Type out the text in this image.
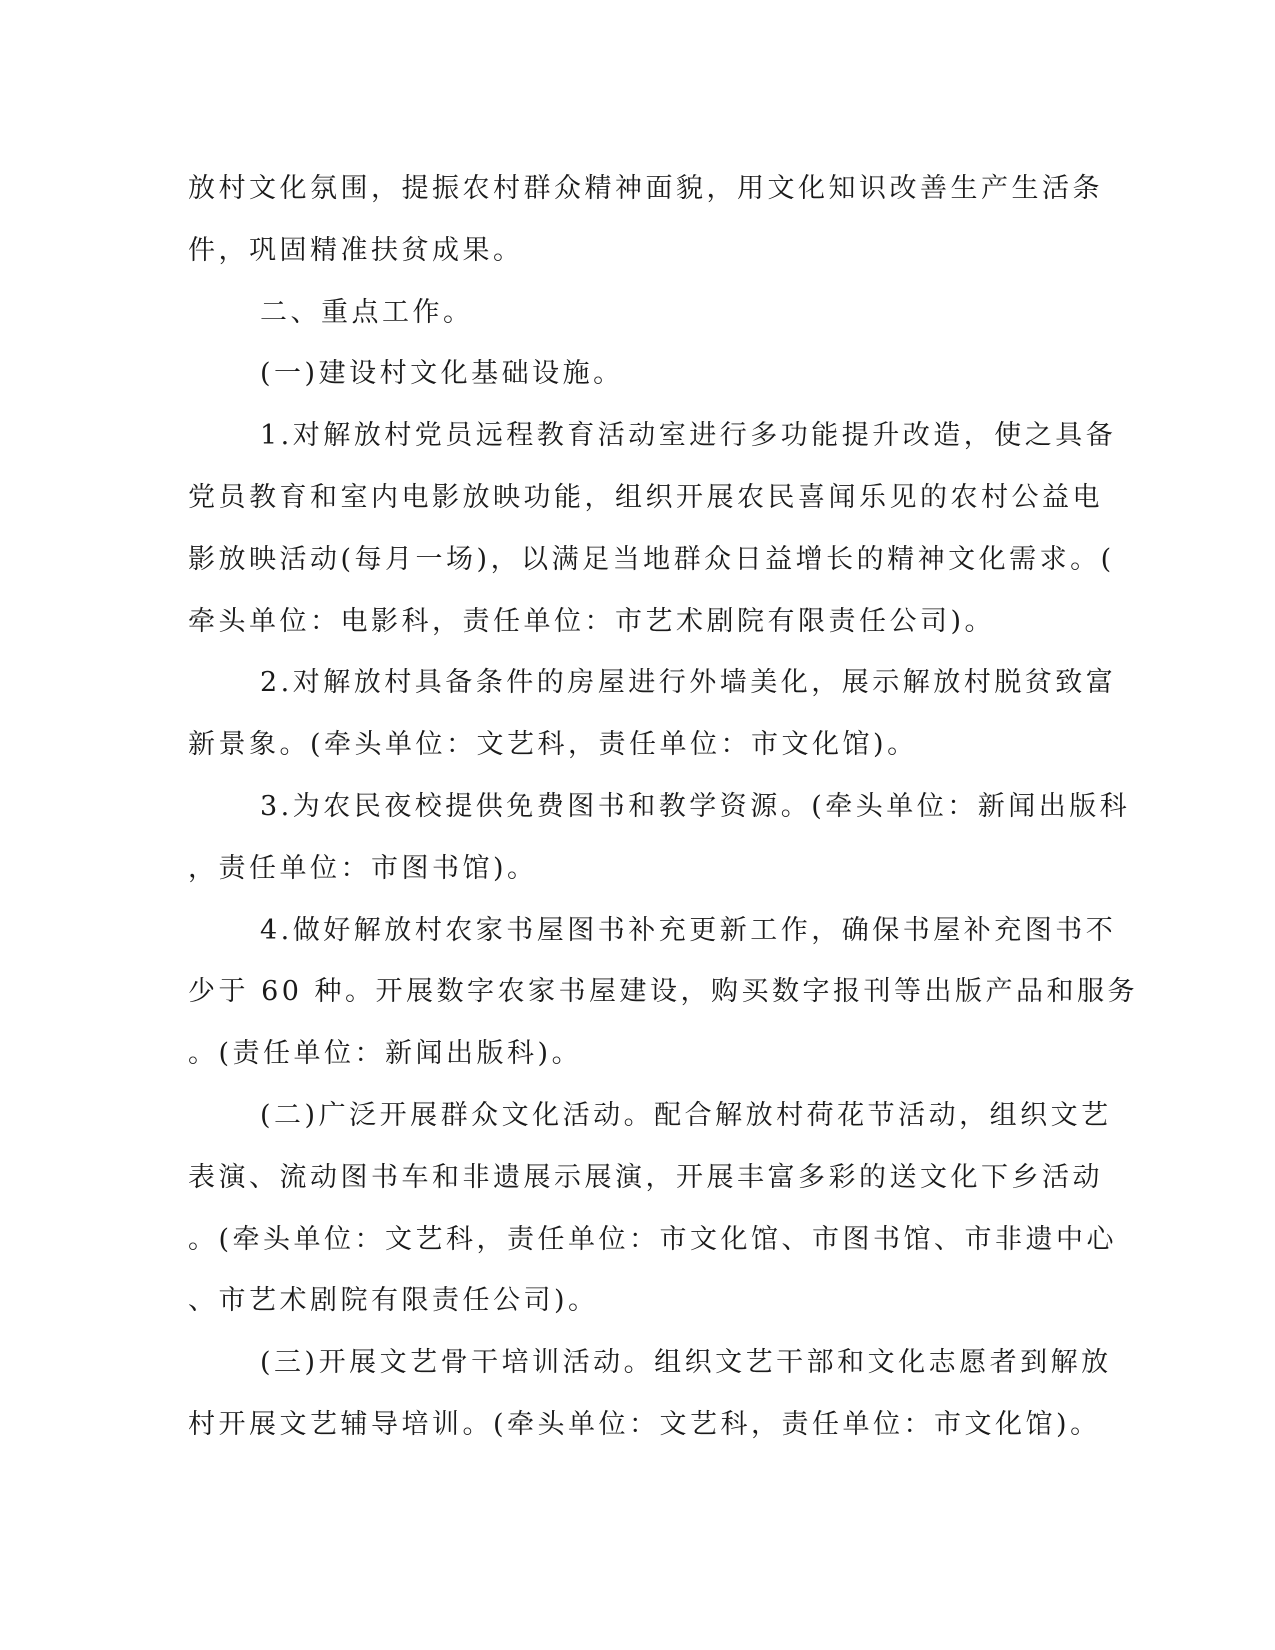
放村文化氛围，提振农村群众精神面貌，用文化知识改善生产生活条
件，巩固精准扶贫成果。
二、重点工作。
(一)建设村文化基础设施。
1.对解放村党员远程教育活动室进行多功能提升改造，使之具备
党员教育和室内电影放映功能，组织开展农民喜闻乐见的农村公益电
影放映活动(每月一场)，以满足当地群众日益增长的精神文化需求。(
牵头单位：电影科，责任单位：市艺术剧院有限责任公司)。
2.对解放村具备条件的房屋进行外墙美化，展示解放村脱贫致富
新景象。(牵头单位：文艺科，责任单位：市文化馆)。
3.为农民夜校提供免费图书和教学资源。(牵头单位：新闻出版科
，责任单位：市图书馆)。
4.做好解放村农家书屋图书补充更新工作，确保书屋补充图书不
少于 60 种。开展数字农家书屋建设，购买数字报刊等出版产品和服务
。(责任单位：新闻出版科)。
(二)广泛开展群众文化活动。配合解放村荷花节活动，组织文艺
表演、流动图书车和非遗展示展演，开展丰富多彩的送文化下乡活动
。(牵头单位：文艺科，责任单位：市文化馆、市图书馆、市非遗中心
、市艺术剧院有限责任公司)。
(三)开展文艺骨干培训活动。组织文艺干部和文化志愿者到解放
村开展文艺辅导培训。(牵头单位：文艺科，责任单位：市文化馆)。
